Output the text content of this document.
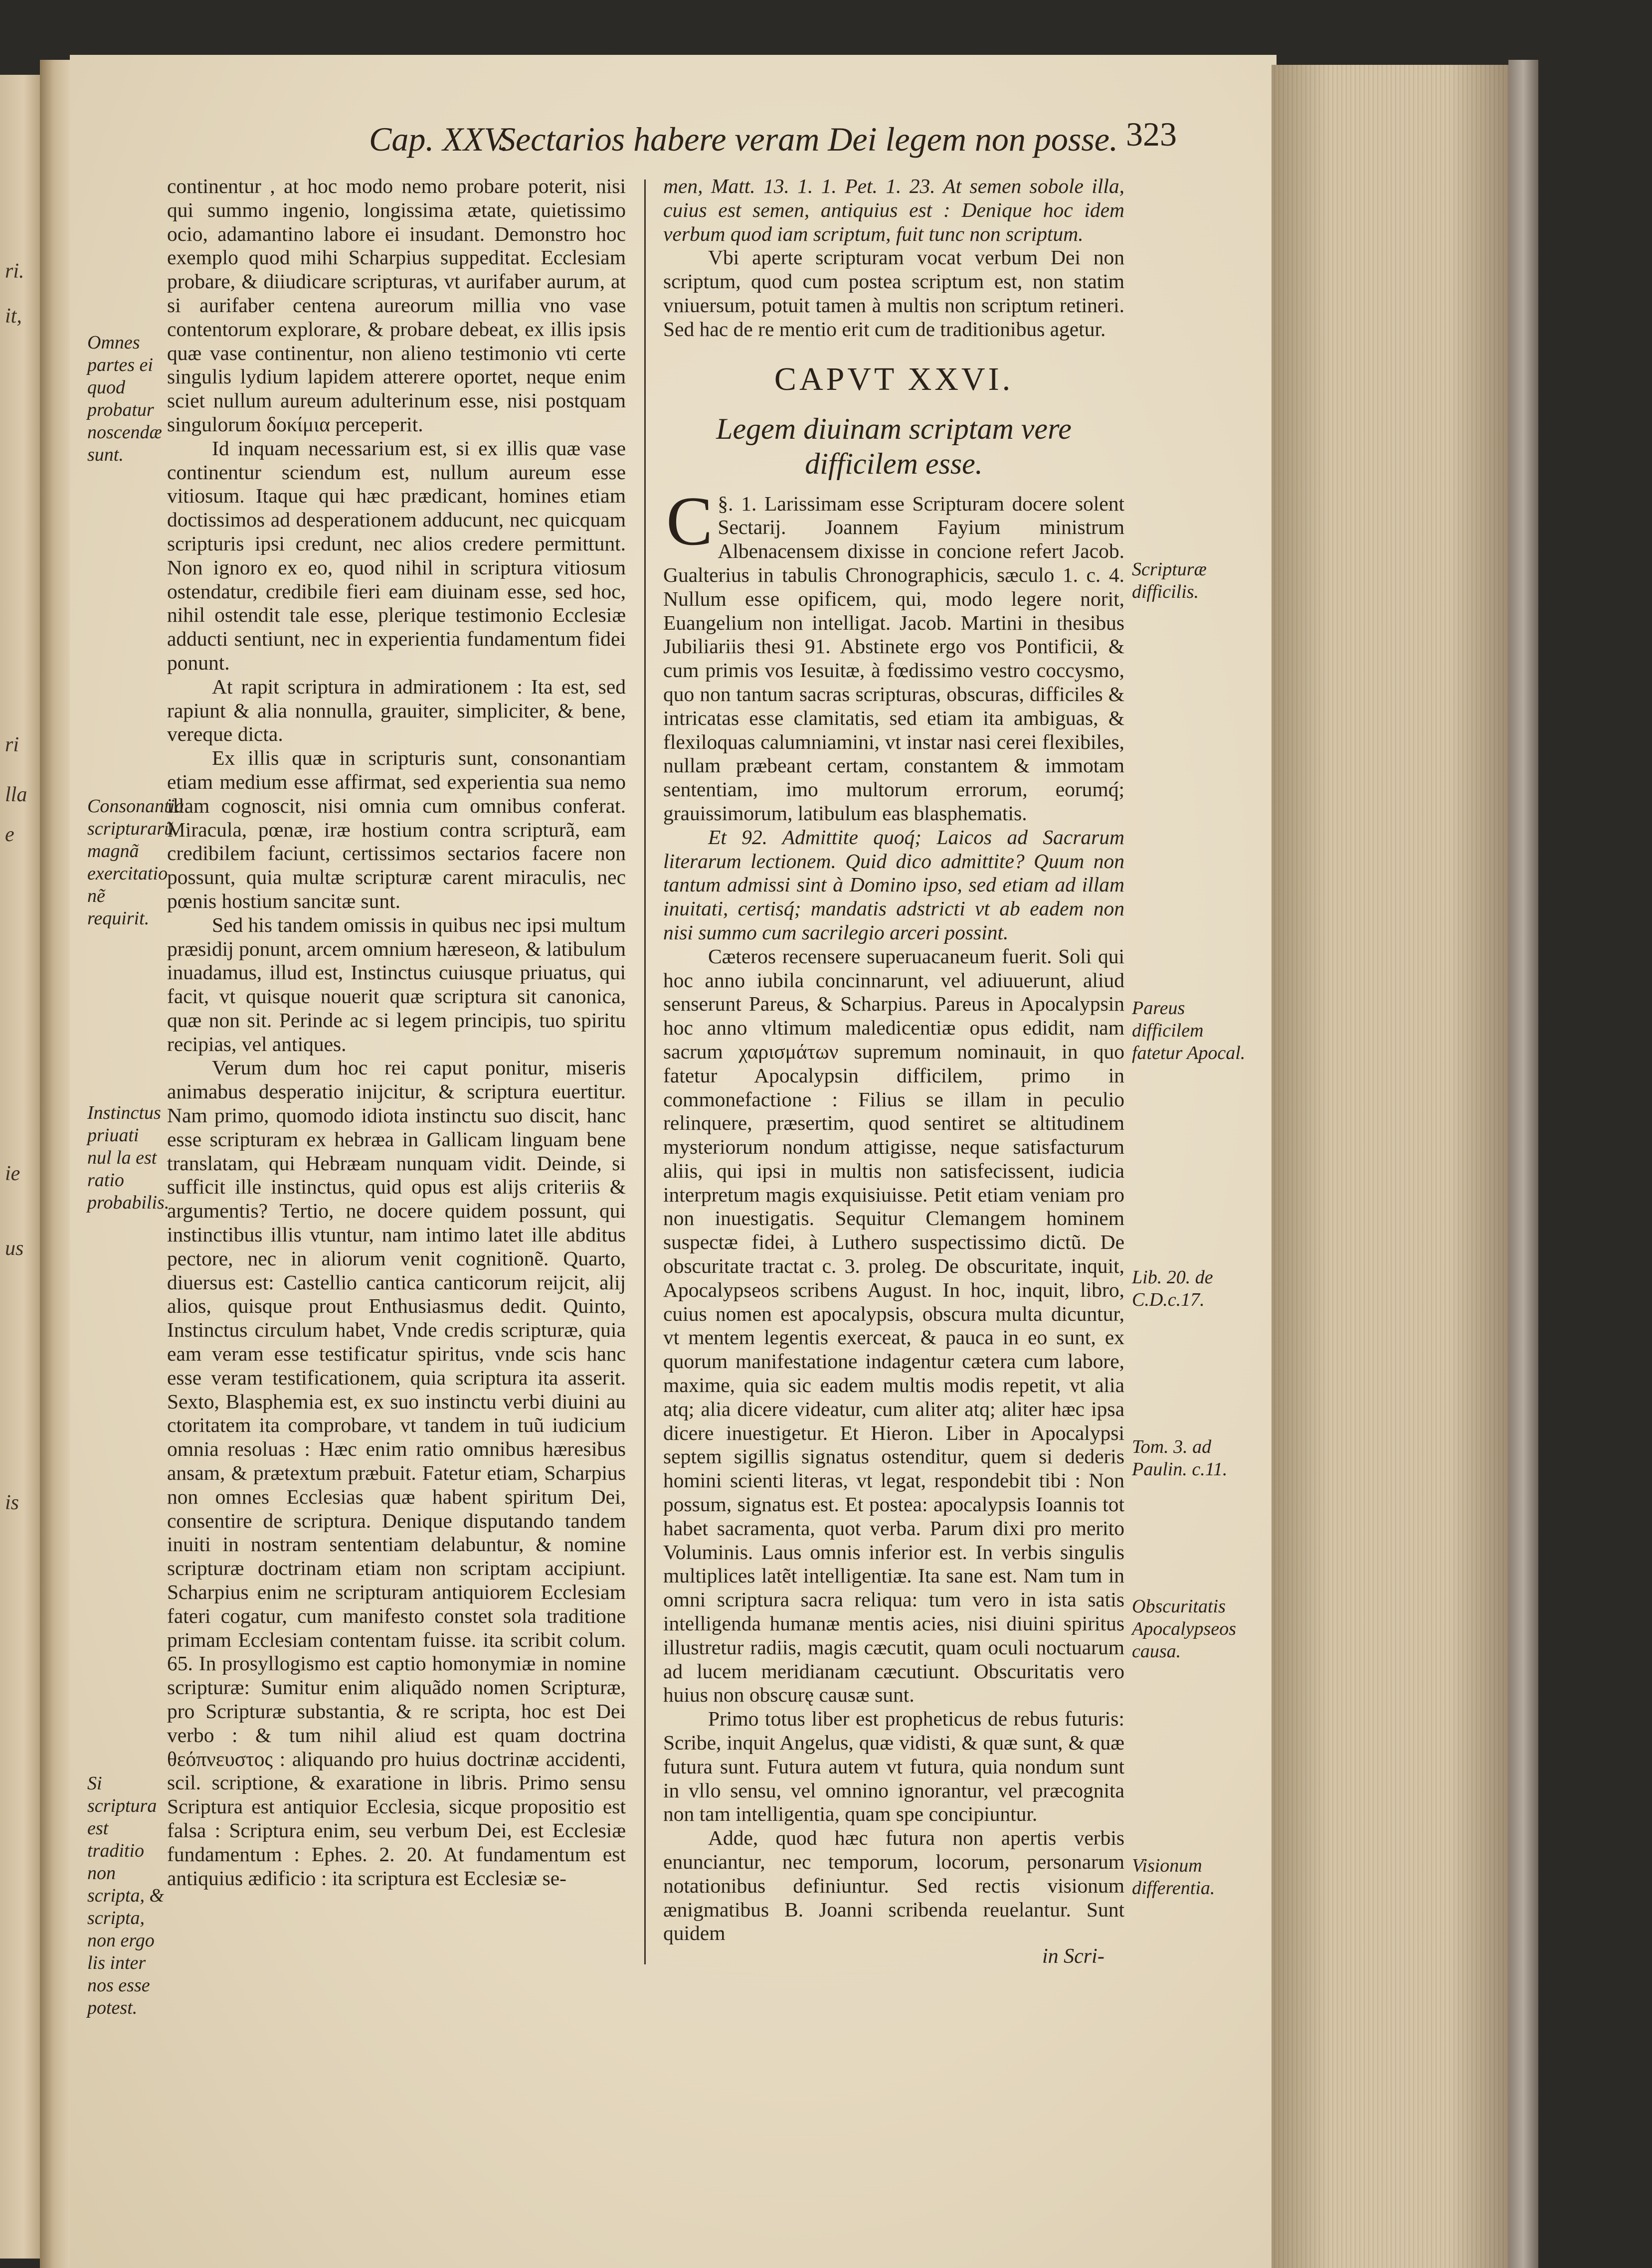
ri.
it,
ri
lla
e
ie
us
is
Cap. XXV.
Sectarios habere veram Dei legem non posse. 323
Omnes partes ei quod probatur noscendæ sunt.
Consonantia scripturarũ magnã exercitatio nẽ requirit.
Instinctus priuati nul la est ratio probabilis.
Si scriptura est traditio non scripta, & scripta, non ergo lis inter nos esse potest.

continentur , at hoc modo nemo probare poterit, nisi qui summo ingenio, longissima ætate, quietissimo ocio, adamantino labore ei insudant. Demonstro hoc exemplo quod mihi Scharpius suppeditat. Ecclesiam probare, & diiudicare scripturas, vt aurifaber aurum, at si aurifaber centena aureorum millia vno vase contentorum explorare, & probare debeat, ex illis ipsis quæ vase continentur, non alieno testimonio vti certe singulis lydium lapidem atterere oportet, neque enim sciet nullum aureum adulterinum esse, nisi postquam singulorum δοκίμια perceperit.

Id inquam necessarium est, si ex illis quæ vase continentur sciendum est, nullum aureum esse vitiosum. Itaque qui hæc prædicant, homines etiam doctissimos ad desperationem adducunt, nec quicquam scripturis ipsi credunt, nec alios credere permittunt. Non ignoro ex eo, quod nihil in scriptura vitiosum ostendatur, credibile fieri eam diuinam esse, sed hoc, nihil ostendit tale esse, plerique testimonio Ecclesiæ adducti sentiunt, nec in experientia fundamentum fidei ponunt.

At rapit scriptura in admirationem : Ita est, sed rapiunt & alia nonnulla, grauiter, simpliciter, & bene, vereque dicta.

Ex illis quæ in scripturis sunt, consonantiam etiam medium esse affirmat, sed experientia sua nemo illam cognoscit, nisi omnia cum omnibus conferat. Miracula, pœnæ, iræ hostium contra scripturã, eam credibilem faciunt, certissimos sectarios facere non possunt, quia multæ scripturæ carent miraculis, nec pœnis hostium sancitæ sunt.

Sed his tandem omissis in quibus nec ipsi multum præsidij ponunt, arcem omnium hæreseon, & latibulum inuadamus, illud est, Instinctus cuiusque priuatus, qui facit, vt quisque nouerit quæ scriptura sit canonica, quæ non sit. Perinde ac si legem principis, tuo spiritu recipias, vel antiques.

Verum dum hoc rei caput ponitur, miseris animabus desperatio inijcitur, & scriptura euertitur. Nam primo, quomodo idiota instinctu suo discit, hanc esse scripturam ex hebræa in Gallicam linguam bene translatam, qui Hebræam nunquam vidit. Deinde, si sufficit ille instinctus, quid opus est alijs criteriis & argumentis? Tertio, ne docere quidem possunt, qui instinctibus illis vtuntur, nam intimo latet ille abditus pectore, nec in aliorum venit cognitionẽ. Quarto, diuersus est: Castellio cantica canticorum reijcit, alij alios, quisque prout Enthusiasmus dedit. Quinto, Instinctus circulum habet, Vnde credis scripturæ, quia eam veram esse testificatur spiritus, vnde scis hanc esse veram testificationem, quia scriptura ita asserit. Sexto, Blasphemia est, ex suo instinctu verbi diuini au ctoritatem ita comprobare, vt tandem in tuũ iudicium omnia resoluas : Hæc enim ratio omnibus hæresibus ansam, & prætextum præbuit. Fatetur etiam, Scharpius non omnes Ecclesias quæ habent spiritum Dei, consentire de scriptura. Denique disputando tandem inuiti in nostram sententiam delabuntur, & nomine scripturæ doctrinam etiam non scriptam accipiunt. Scharpius enim ne scripturam antiquiorem Ecclesiam fateri cogatur, cum manifesto constet sola traditione primam Ecclesiam contentam fuisse. ita scribit colum. 65. In prosyllogismo est captio homonymiæ in nomine scripturæ: Sumitur enim aliquãdo nomen Scripturæ, pro Scripturæ substantia, & re scripta, hoc est Dei verbo : & tum nihil aliud est quam doctrina θεόπνευστος : aliquando pro huius doctrinæ accidenti, scil. scriptione, & exaratione in libris. Primo sensu Scriptura est antiquior Ecclesia, sicque propositio est falsa : Scriptura enim, seu verbum Dei, est Ecclesiæ fundamentum : Ephes. 2. 20. At fundamentum est antiquius ædificio : ita scriptura est Ecclesiæ se-

men, Matt. 13. 1. 1. Pet. 1. 23. At semen sobole illa, cuius est semen, antiquius est : Denique hoc idem verbum quod iam scriptum, fuit tunc non scriptum.

Vbi aperte scripturam vocat verbum Dei non scriptum, quod cum postea scriptum est, non statim vniuersum, potuit tamen à multis non scriptum retineri. Sed hac de re mentio erit cum de traditionibus agetur.

CAPVT XXVI.

Legem diuinam scriptam vere difficilem esse.

§. 1.
C Larissimam esse Scripturam docere solent Sectarij. Joannem Fayium ministrum Albenacensem dixisse in concione refert Jacob. Gualterius in tabulis Chronographicis, sæculo 1. c. 4. Nullum esse opificem, qui, modo legere norit, Euangelium non intelligat. Jacob. Martini in thesibus Jubiliariis thesi 91. Abstinete ergo vos Pontificii, & cum primis vos Iesuitæ, à fœdissimo vestro coccysmo, quo non tantum sacras scripturas, obscuras, difficiles & intricatas esse clamitatis, sed etiam ita ambiguas, & flexiloquas calumniamini, vt instar nasi cerei flexibiles, nullam præbeant certam, constantem & immotam sententiam, imo multorum errorum, eorumq́; grauissimorum, latibulum eas blasphematis.

Et 92. Admittite quoq́; Laicos ad Sacrarum literarum lectionem. Quid dico admittite? Quum non tantum admissi sint à Domino ipso, sed etiam ad illam inuitati, certisq́; mandatis adstricti vt ab eadem non nisi summo cum sacrilegio arceri possint.

Cæteros recensere superuacaneum fuerit. Soli qui hoc anno iubila concinnarunt, vel adiuuerunt, aliud senserunt Pareus, & Scharpius. Pareus in Apocalypsin hoc anno vltimum maledicentiæ opus edidit, nam sacrum χαρισμάτων supremum nominauit, in quo fatetur Apocalypsin difficilem, primo in commonefactione : Filius se illam in peculio relinquere, præsertim, quod sentiret se altitudinem mysteriorum nondum attigisse, neque satisfacturum aliis, qui ipsi in multis non satisfecissent, iudicia interpretum magis exquisiuisse. Petit etiam veniam pro non inuestigatis. Sequitur Clemangem hominem suspectæ fidei, à Luthero suspectissimo dictũ. De obscuritate tractat c. 3. proleg. De obscuritate, inquit, Apocalypseos scribens August. In hoc, inquit, libro, cuius nomen est apocalypsis, obscura multa dicuntur, vt mentem legentis exerceat, & pauca in eo sunt, ex quorum manifestatione indagentur cætera cum labore, maxime, quia sic eadem multis modis repetit, vt alia atq; alia dicere videatur, cum aliter atq; aliter hæc ipsa dicere inuestigetur. Et Hieron. Liber in Apocalypsi septem sigillis signatus ostenditur, quem si dederis homini scienti literas, vt legat, respondebit tibi : Non possum, signatus est. Et postea: apocalypsis Ioannis tot habet sacramenta, quot verba. Parum dixi pro merito Voluminis. Laus omnis inferior est. In verbis singulis multiplices latẽt intelligentiæ. Ita sane est. Nam tum in omni scriptura sacra reliqua: tum vero in ista satis intelligenda humanæ mentis acies, nisi diuini spiritus illustretur radiis, magis cæcutit, quam oculi noctuarum ad lucem meridianam cæcutiunt. Obscuritatis vero huius non obscurę causæ sunt.

Primo totus liber est propheticus de rebus futuris: Scribe, inquit Angelus, quæ vidisti, & quæ sunt, & quæ futura sunt. Futura autem vt futura, quia nondum sunt in vllo sensu, vel omnino ignorantur, vel præcognita non tam intelligentia, quam spe concipiuntur.

Adde, quod hæc futura non apertis verbis enunciantur, nec temporum, locorum, personarum notationibus definiuntur. Sed rectis visionum ænigmatibus B. Joanni scribenda reuelantur. Sunt quidem

in Scri-
Scripturæ difficilis.
Pareus difficilem fatetur Apocal.
Lib. 20. de C.D.c.17.
Tom. 3. ad Paulin. c.11.
Obscuritatis Apocalypseos causa.
Visionum differentia.
